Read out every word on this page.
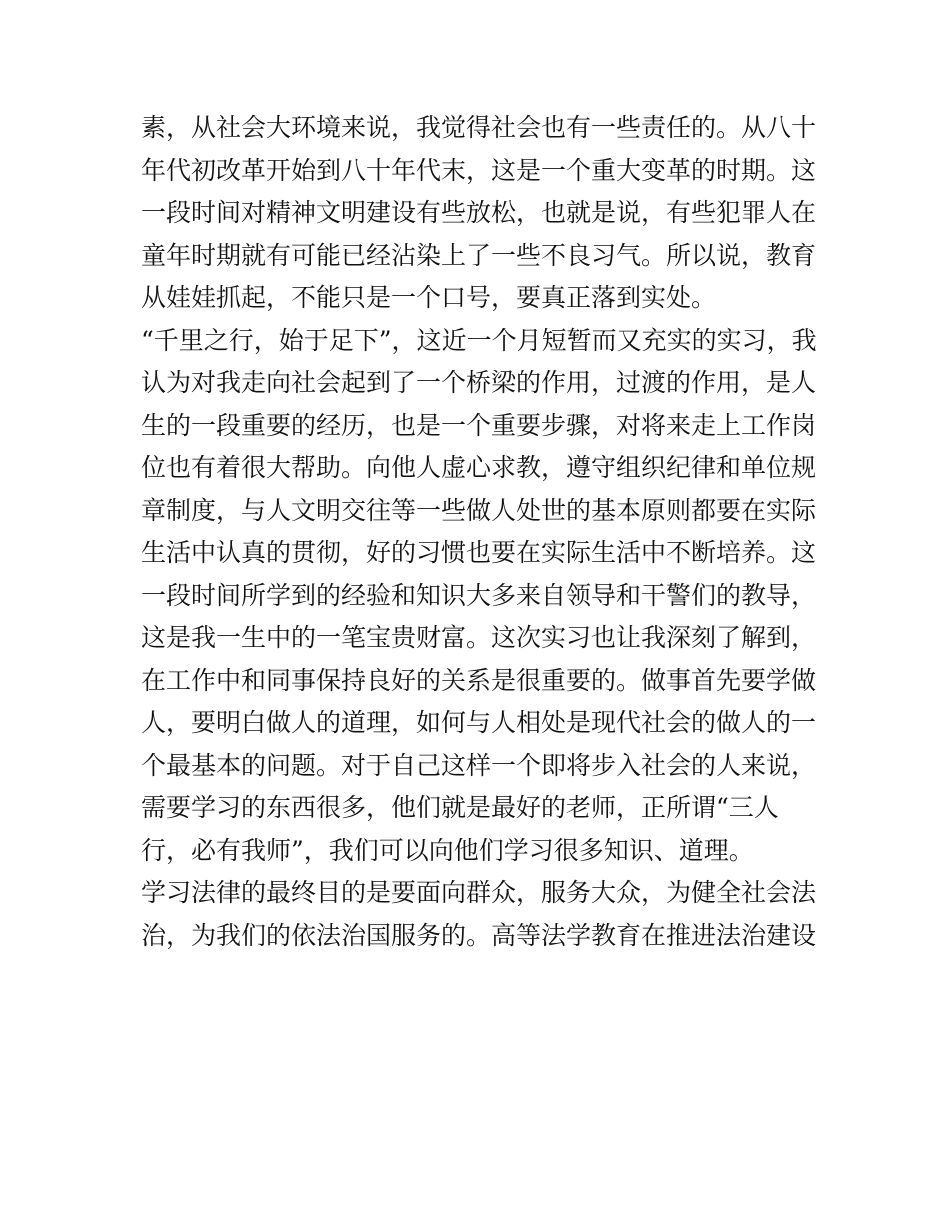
素，从社会大环境来说，我觉得社会也有一些责任的。从八十
年代初改革开始到八十年代末，这是一个重大变革的时期。这
一段时间对精神文明建设有些放松，也就是说，有些犯罪人在
童年时期就有可能已经沾染上了一些不良习气。所以说，教育
从娃娃抓起，不能只是一个口号，要真正落到实处。
“千里之行，始于足下”，这近一个月短暂而又充实的实习，我
认为对我走向社会起到了一个桥梁的作用，过渡的作用，是人
生的一段重要的经历，也是一个重要步骤，对将来走上工作岗
位也有着很大帮助。向他人虚心求教，遵守组织纪律和单位规
章制度，与人文明交往等一些做人处世的基本原则都要在实际
生活中认真的贯彻，好的习惯也要在实际生活中不断培养。这
一段时间所学到的经验和知识大多来自领导和干警们的教导，
这是我一生中的一笔宝贵财富。这次实习也让我深刻了解到，
在工作中和同事保持良好的关系是很重要的。做事首先要学做
人，要明白做人的道理，如何与人相处是现代社会的做人的一
个最基本的问题。对于自己这样一个即将步入社会的人来说，
需要学习的东西很多，他们就是最好的老师，正所谓“三人
行，必有我师”，我们可以向他们学习很多知识、道理。
学习法律的最终目的是要面向群众，服务大众，为健全社会法
治，为我们的依法治国服务的。高等法学教育在推进法治建设
